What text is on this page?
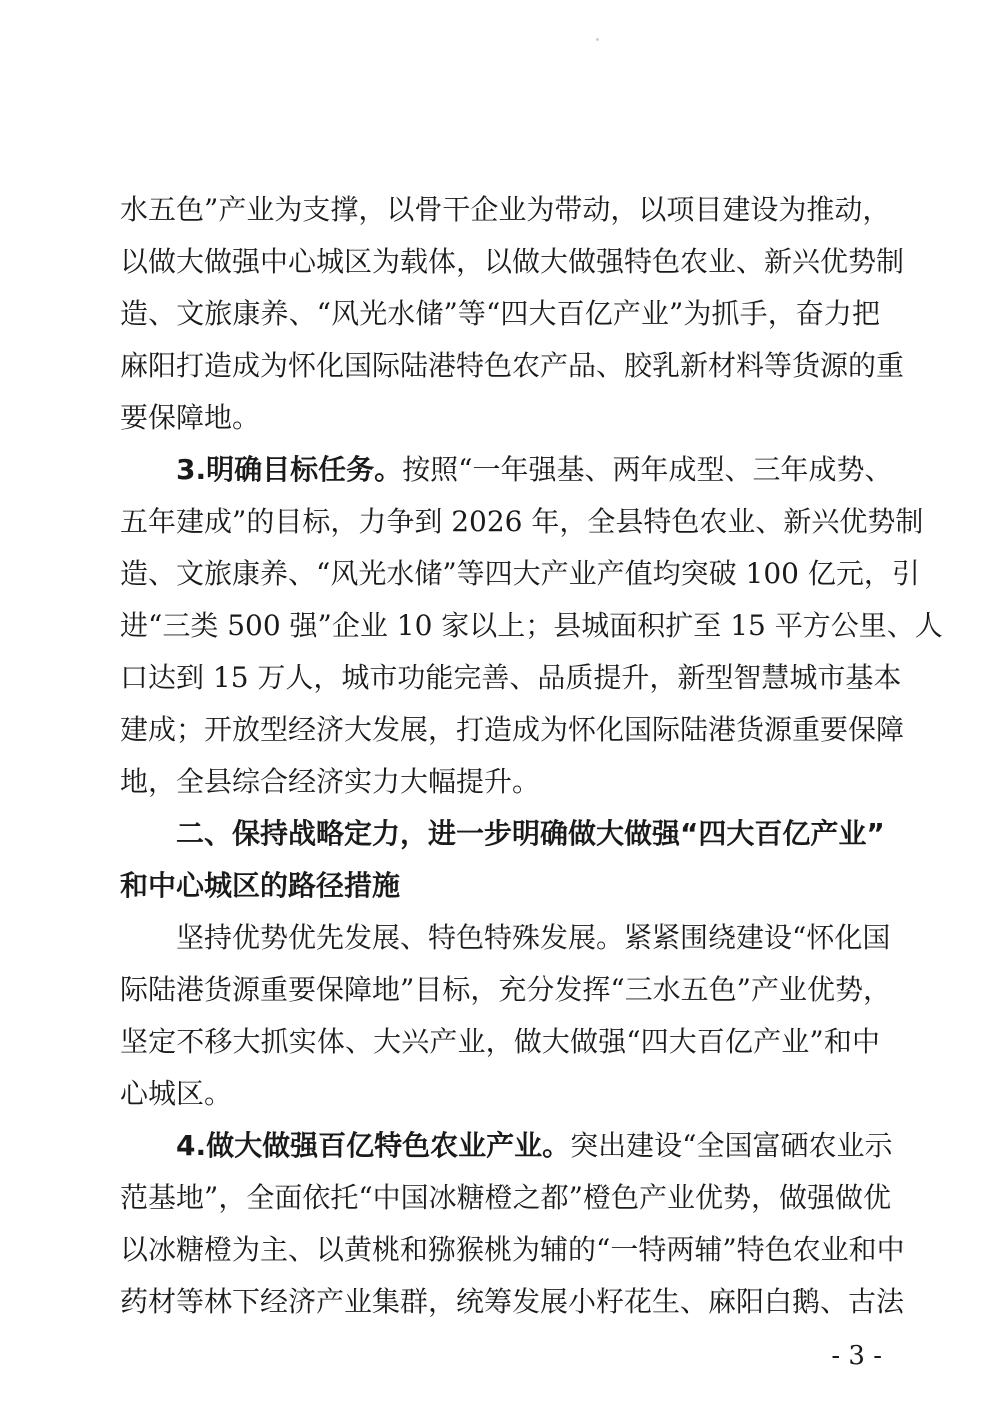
水五色”产业为支撑，以骨干企业为带动，以项目建设为推动，
以做大做强中心城区为载体，以做大做强特色农业、新兴优势制
造、文旅康养、“风光水储”等“四大百亿产业”为抓手，奋力把
麻阳打造成为怀化国际陆港特色农产品、胶乳新材料等货源的重
要保障地。
3.明确目标任务。按照“一年强基、两年成型、三年成势、
五年建成”的目标，力争到 2026 年，全县特色农业、新兴优势制
造、文旅康养、“风光水储”等四大产业产值均突破 100 亿元，引
进“三类 500 强”企业 10 家以上；县城面积扩至 15 平方公里、人
口达到 15 万人，城市功能完善、品质提升，新型智慧城市基本
建成；开放型经济大发展，打造成为怀化国际陆港货源重要保障
地，全县综合经济实力大幅提升。
二、保持战略定力，进一步明确做大做强“四大百亿产业”
和中心城区的路径措施
坚持优势优先发展、特色特殊发展。紧紧围绕建设“怀化国
际陆港货源重要保障地”目标，充分发挥“三水五色”产业优势，
坚定不移大抓实体、大兴产业，做大做强“四大百亿产业”和中
心城区。
4.做大做强百亿特色农业产业。突出建设“全国富硒农业示
范基地”，全面依托“中国冰糖橙之都”橙色产业优势，做强做优
以冰糖橙为主、以黄桃和猕猴桃为辅的“一特两辅”特色农业和中
药材等林下经济产业集群，统筹发展小籽花生、麻阳白鹅、古法
- 3 -
